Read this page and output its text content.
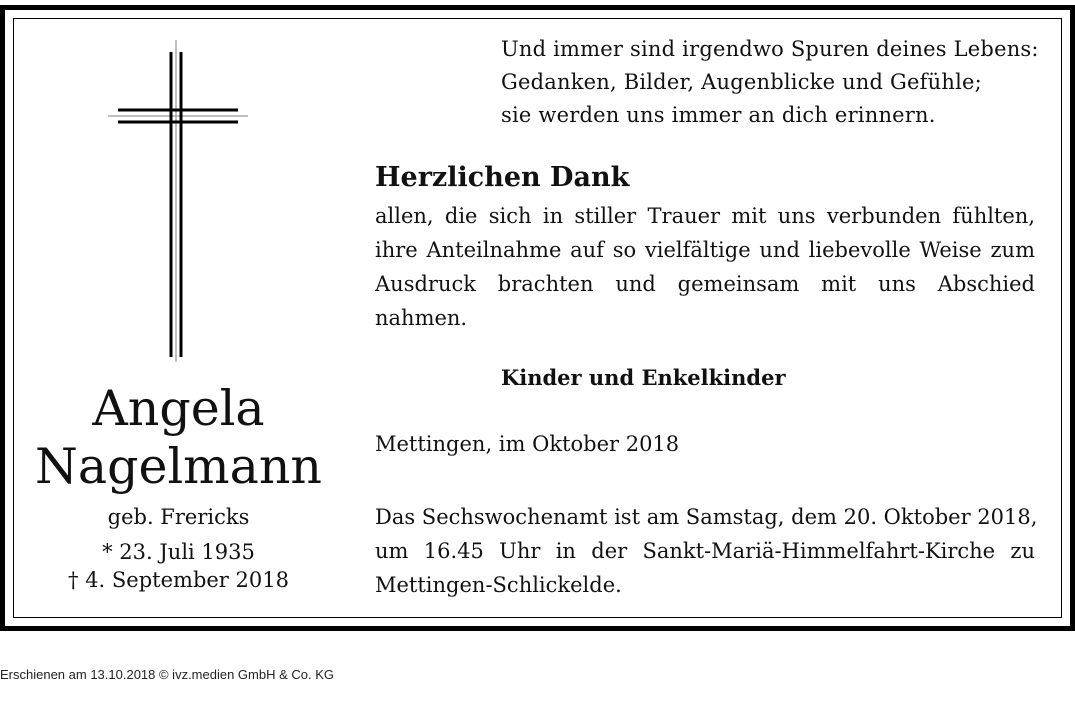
Und immer sind irgendwo Spuren deines Lebens:
Gedanken, Bilder, Augenblicke und Gefühle;
sie werden uns immer an dich erinnern.
Herzlichen Dank
allen, die sich in stiller Trauer mit uns verbunden fühlten,
ihre Anteilnahme auf so vielfältige und liebevolle Weise zum
Ausdruck brachten und gemeinsam mit uns Abschied
nahmen.
Kinder und Enkelkinder
Mettingen, im Oktober 2018
Das Sechswochenamt ist am Samstag, dem 20. Oktober 2018,
um 16.45 Uhr in der Sankt-Mariä-Himmelfahrt-Kirche zu
Mettingen-Schlickelde.
Angela
Nagelmann
geb. Frericks
* 23. Juli 1935
† 4. September 2018
Erschienen am 13.10.2018 © ivz.medien GmbH & Co. KG
